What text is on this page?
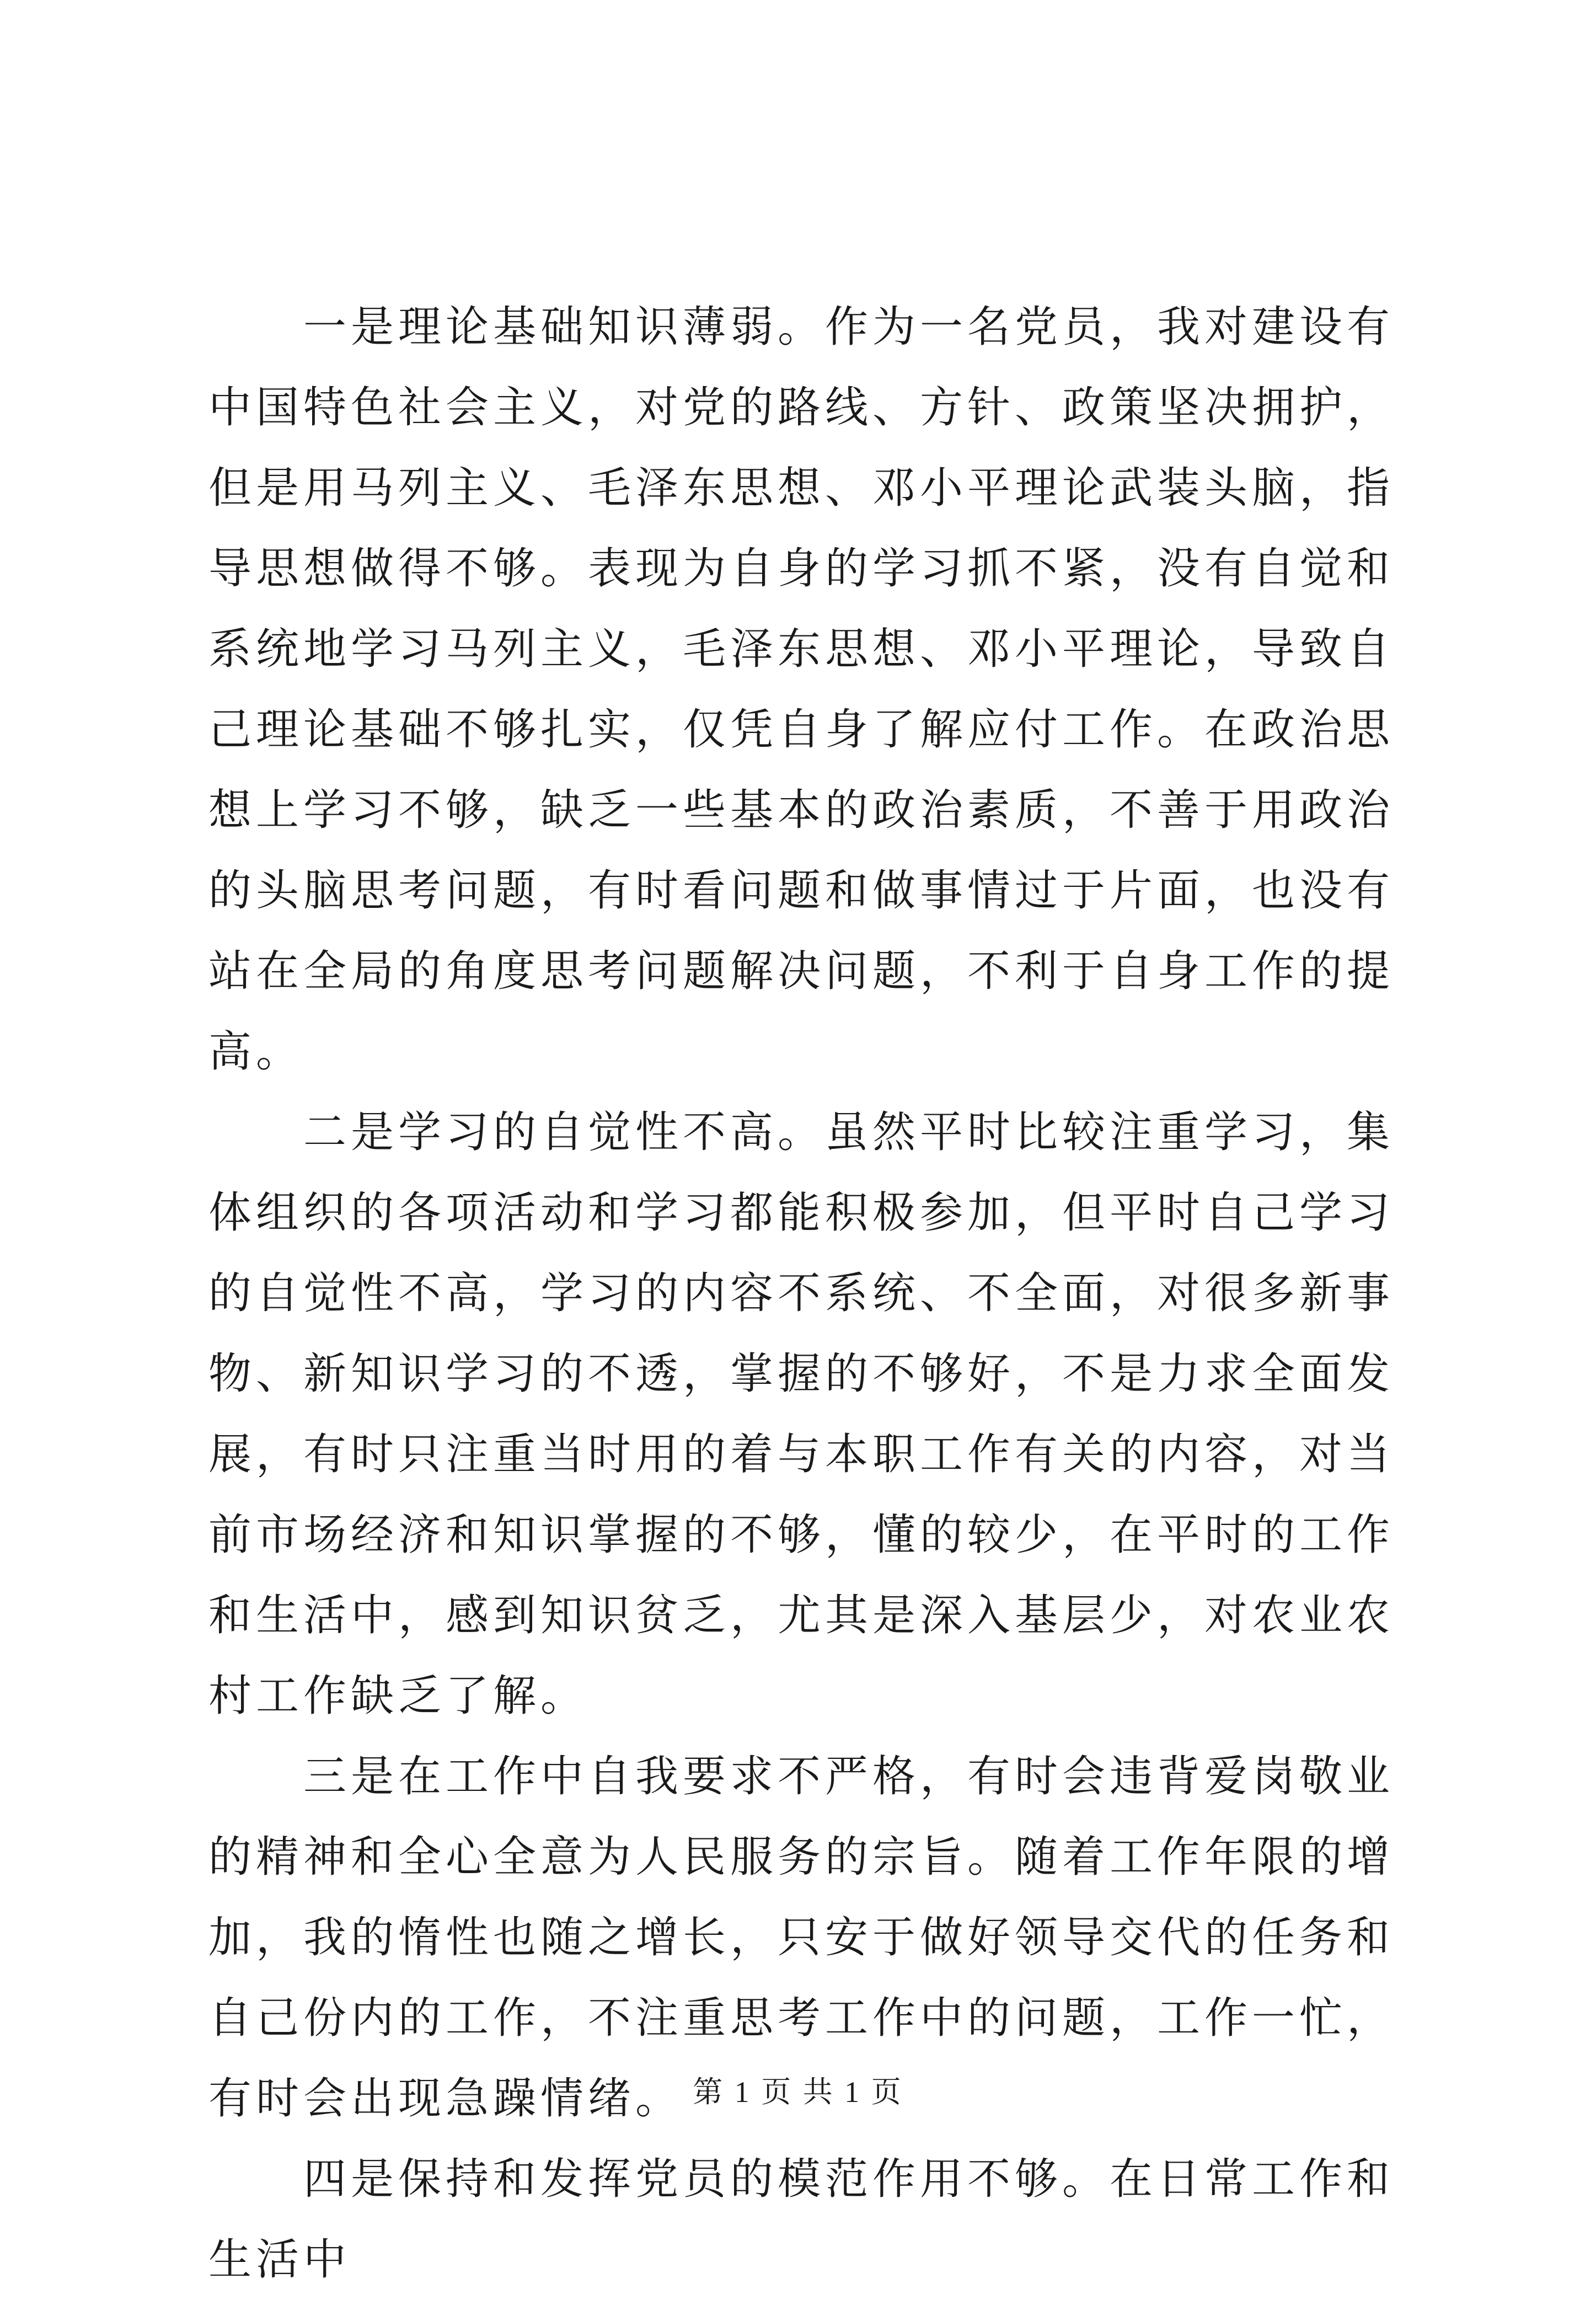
一是理论基础知识薄弱。作为一名党员，我对建设有中国特色社会主义，对党的路线、方针、政策坚决拥护，但是用马列主义、毛泽东思想、邓小平理论武装头脑，指导思想做得不够。表现为自身的学习抓不紧，没有自觉和系统地学习马列主义，毛泽东思想、邓小平理论，导致自己理论基础不够扎实，仅凭自身了解应付工作。在政治思想上学习不够，缺乏一些基本的政治素质，不善于用政治的头脑思考问题，有时看问题和做事情过于片面，也没有站在全局的角度思考问题解决问题，不利于自身工作的提高。

二是学习的自觉性不高。虽然平时比较注重学习，集体组织的各项活动和学习都能积极参加，但平时自己学习的自觉性不高，学习的内容不系统、不全面，对很多新事物、新知识学习的不透，掌握的不够好，不是力求全面发展，有时只注重当时用的着与本职工作有关的内容，对当前市场经济和知识掌握的不够，懂的较少，在平时的工作和生活中，感到知识贫乏，尤其是深入基层少，对农业农村工作缺乏了解。

三是在工作中自我要求不严格，有时会违背爱岗敬业的精神和全心全意为人民服务的宗旨。随着工作年限的增加，我的惰性也随之增长，只安于做好领导交代的任务和自己份内的工作，不注重思考工作中的问题，工作一忙，有时会出现急躁情绪。

四是保持和发挥党员的模范作用不够。在日常工作和生活中

第 1 页 共 1 页
